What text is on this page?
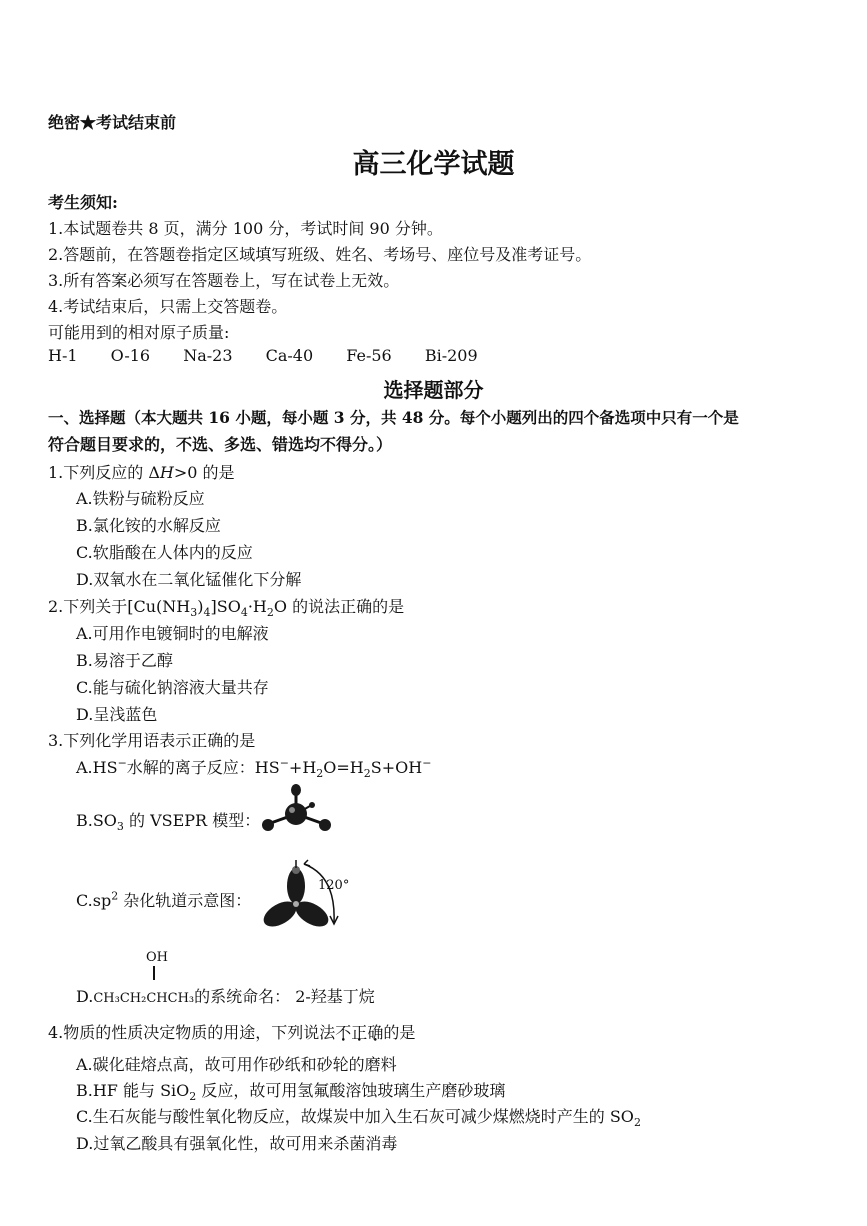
绝密★考试结束前
高三化学试题
考生须知:
1.本试题卷共 8 页，满分 100 分，考试时间 90 分钟。
2.答题前，在答题卷指定区域填写班级、姓名、考场号、座位号及准考证号。
3.所有答案必须写在答题卷上，写在试卷上无效。
4.考试结束后，只需上交答题卷。
可能用到的相对原子质量:
H-1 O-16 Na-23 Ca-40 Fe-56 Bi-209
选择题部分
一、选择题（本大题共 16 小题，每小题 3 分，共 48 分。每个小题列出的四个备选项中只有一个是
符合题目要求的，不选、多选、错选均不得分。）
1.下列反应的 ΔH>0 的是
A.铁粉与硫粉反应
B.氯化铵的水解反应
C.软脂酸在人体内的反应
D.双氧水在二氧化锰催化下分解
2.下列关于$[Cu(NH_3)_4]SO_4\cdot H_2O$ 的说法正确的是
A.可用作电镀铜时的电解液
B.易溶于乙醇
C.能与硫化钠溶液大量共存
D.呈浅蓝色
3.下列化学用语表示正确的是
A.HS−水解的离子反应：$HS^-+H_2O=H_2S+OH^-$
$B.SO_3$ 的 VSEPR 模型：
$C.sp^2$ 杂化轨道示意图：
120°
OH
D.CH₃CH₂CHCH₃的系统命名： 2-羟基丁烷
4.物质的性质决定物质的用途，下列说法不正确的是
A.碳化硅熔点高，故可用作砂纸和砂轮的磨料
B.HF 能与 SiO$_2$ 反应，故可用氢氟酸溶蚀玻璃生产磨砂玻璃
C.生石灰能与酸性氧化物反应，故煤炭中加入生石灰可减少煤燃烧时产生的 $SO_2$
D.过氧乙酸具有强氧化性，故可用来杀菌消毒
